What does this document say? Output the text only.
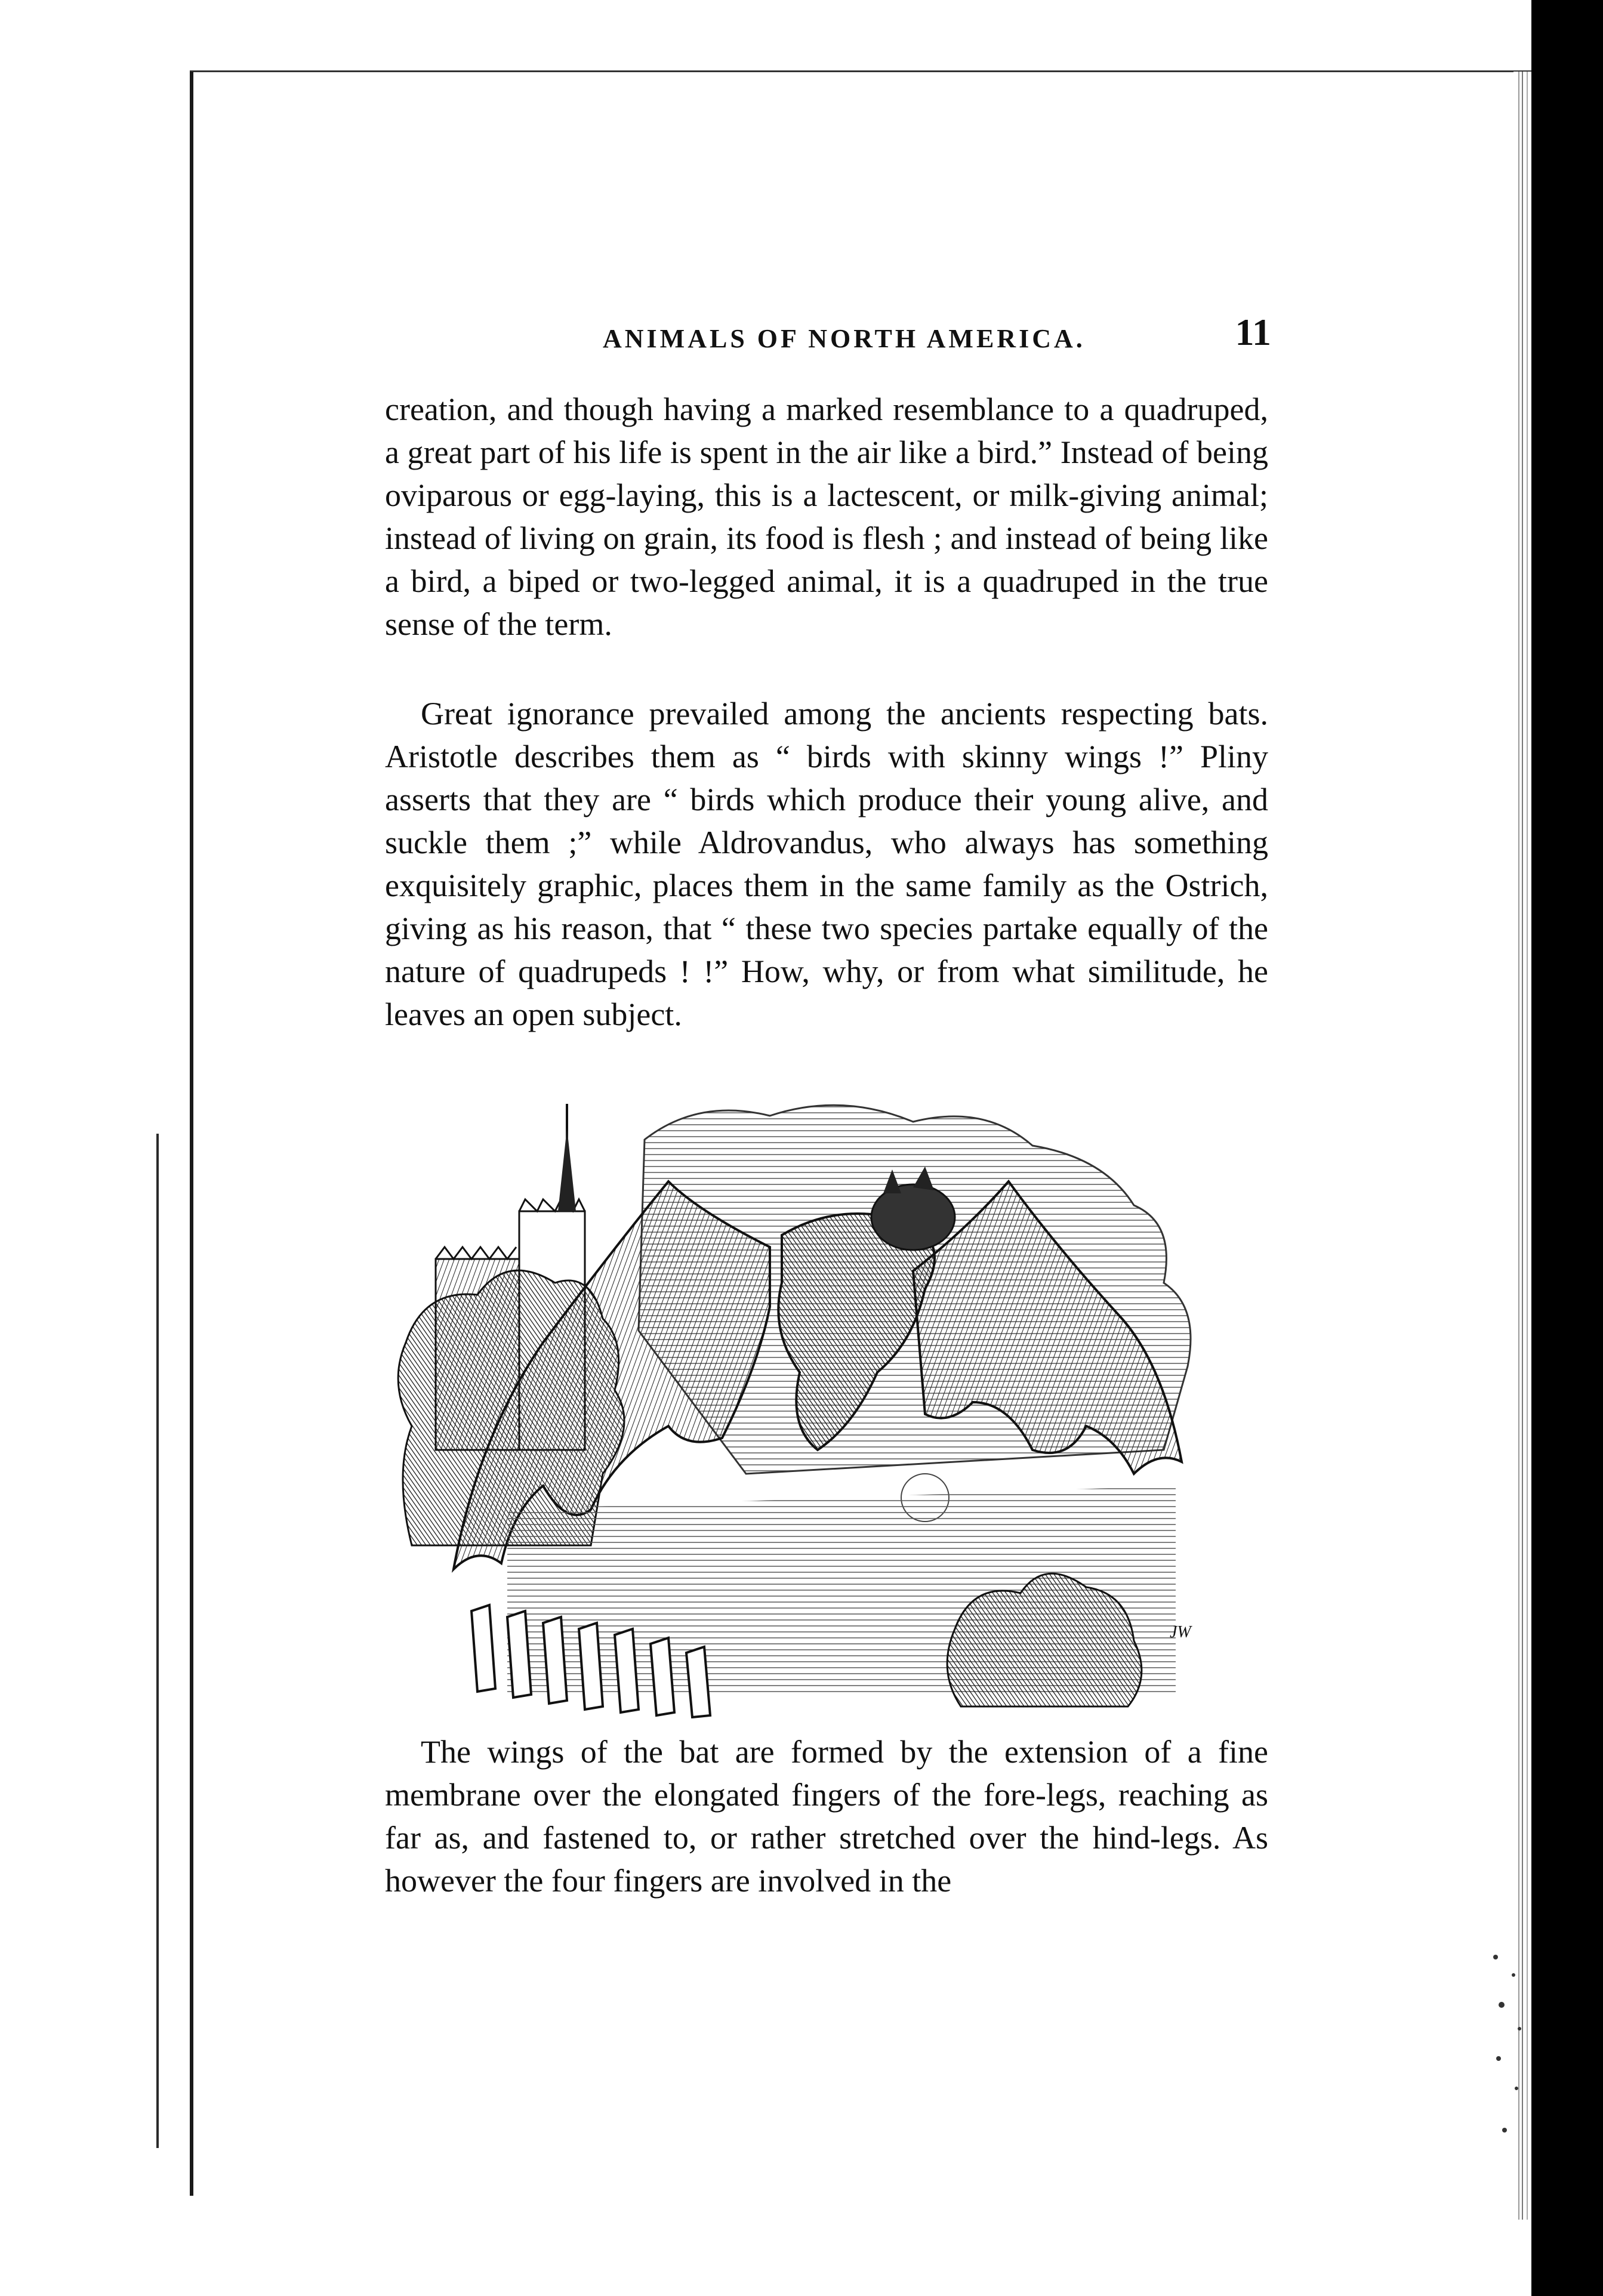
ANIMALS OF NORTH AMERICA.	11

creation, and though having a marked resemblance to a quadruped, a great part of his life is spent in the air like a bird.” Instead of being oviparous or egg-laying, this is a lactescent, or milk-giving animal; instead of living on grain, its food is flesh ; and instead of being like a bird, a biped or two-legged animal, it is a quadruped in the true sense of the term.

Great ignorance prevailed among the ancients respecting bats. Aristotle describes them as “ birds with skinny wings !” Pliny asserts that they are “ birds which produce their young alive, and suckle them ;” while Aldrovandus, who always has something exquisitely graphic, places them in the same family as the Ostrich, giving as his reason, that “ these two species partake equally of the nature of quadrupeds ! !” How, why, or from what similitude, he leaves an open subject.

JW

The wings of the bat are formed by the extension of a fine membrane over the elongated fingers of the fore-legs, reaching as far as, and fastened to, or rather stretched over the hind-legs. As however the four fingers are involved in the
